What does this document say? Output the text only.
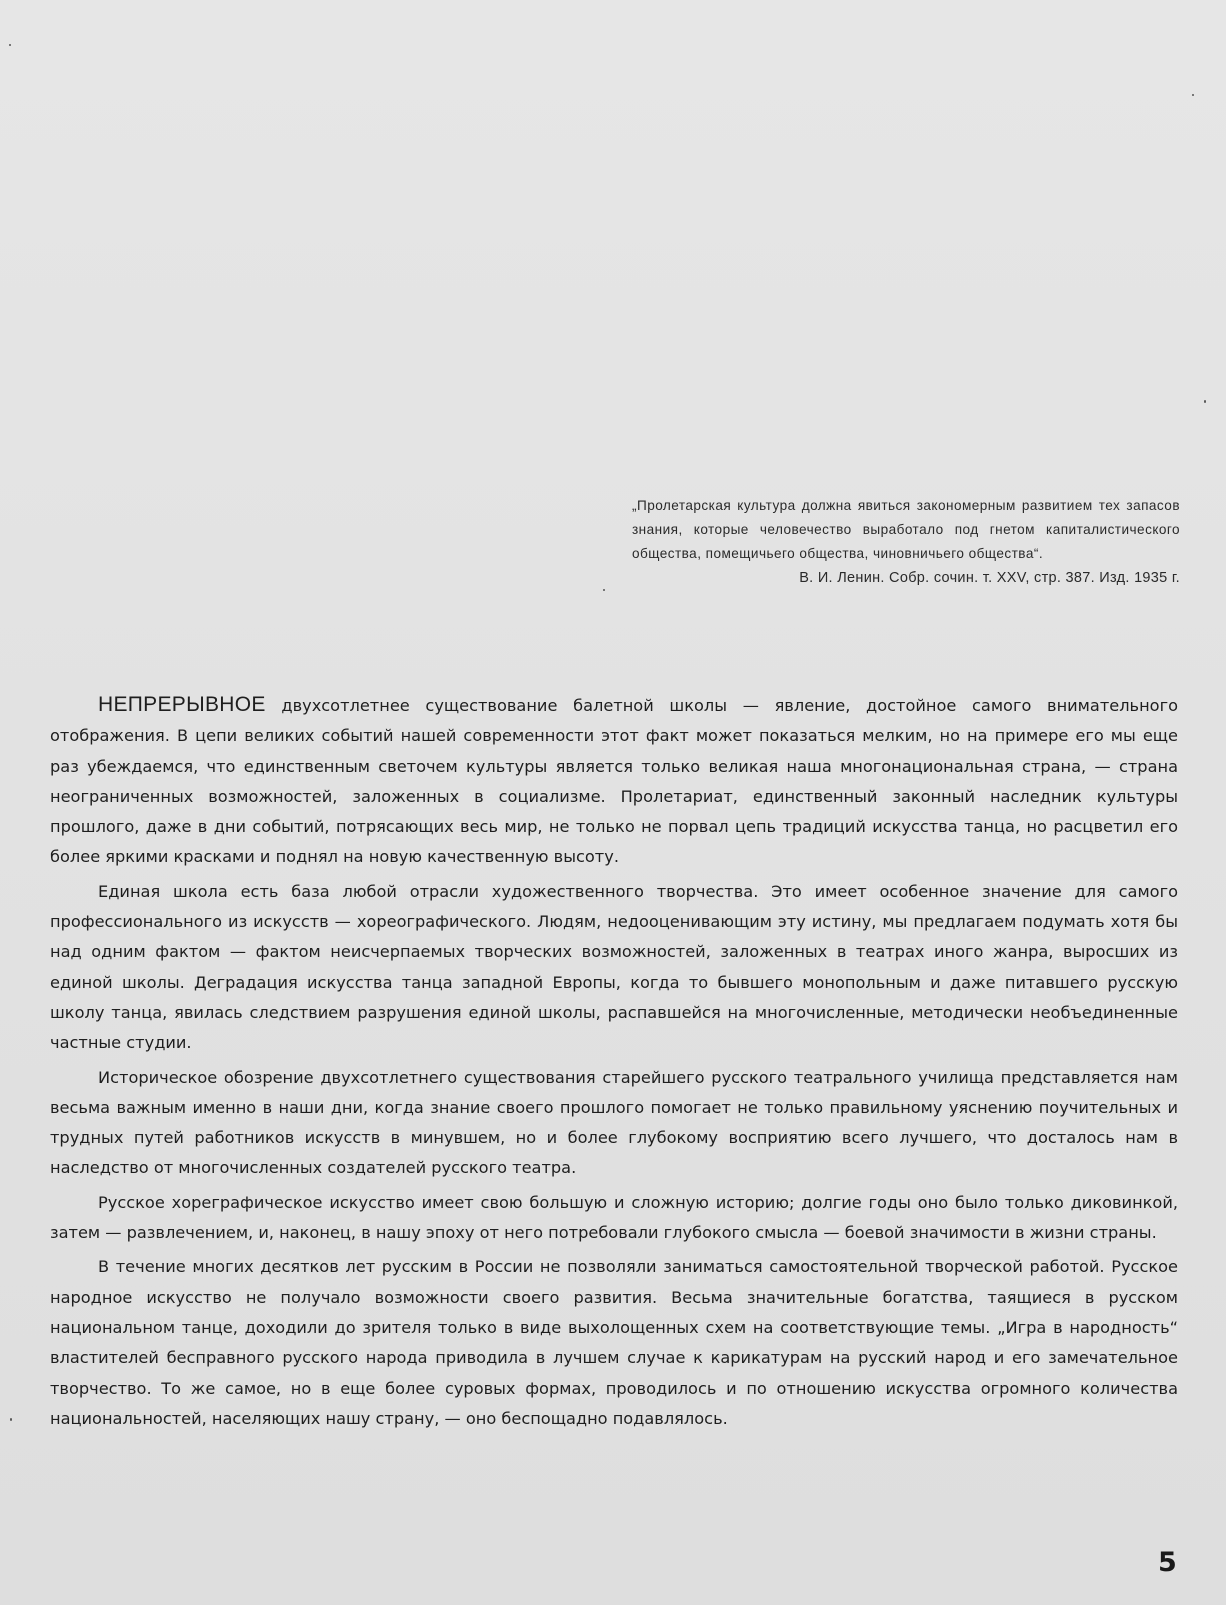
„Пролетарская культура должна явиться закономерным развитием тех запасов знания, которые человечество выработало под гнетом капиталистического общества, помещичьего общества, чиновничьего общества“.
В. И. Ленин. Собр. сочин. т. XXV, стр. 387. Изд. 1935 г.

НЕПРЕРЫВНОЕ двухсотлетнее существование балетной школы — явление, достойное самого внимательного отображения. В цепи великих событий нашей современности этот факт может показаться мелким, но на примере его мы еще раз убеждаемся, что единственным светочем культуры является только великая наша многонациональная страна, — страна неограниченных возможностей, заложенных в социализме. Пролетариат, единственный законный наследник культуры прошлого, даже в дни событий, потрясающих весь мир, не только не порвал цепь традиций искусства танца, но расцветил его более яркими красками и поднял на новую качественную высоту.

Единая школа есть база любой отрасли художественного творчества. Это имеет особенное значение для самого профессионального из искусств — хореографического. Людям, недооценивающим эту истину, мы предлагаем подумать хотя бы над одним фактом — фактом неисчерпаемых творческих возможностей, заложенных в театрах иного жанра, выросших из единой школы. Деградация искусства танца западной Европы, когда то бывшего монопольным и даже питавшего русскую школу танца, явилась следствием разрушения единой школы, распавшейся на многочисленные, методически необъединенные частные студии.

Историческое обозрение двухсотлетнего существования старейшего русского театрального училища представляется нам весьма важным именно в наши дни, когда знание своего прошлого помогает не только правильному уяснению поучительных и трудных путей работников искусств в минувшем, но и более глубокому восприятию всего лучшего, что досталось нам в наследство от многочисленных создателей русского театра.

Русское хореграфическое искусство имеет свою большую и сложную историю; долгие годы оно было только диковинкой, затем — развлечением, и, наконец, в нашу эпоху от него потребовали глубокого смысла — боевой значимости в жизни страны.

В течение многих десятков лет русским в России не позволяли заниматься самостоятельной творческой работой. Русское народное искусство не получало возможности своего развития. Весьма значительные богатства, таящиеся в русском национальном танце, доходили до зрителя только в виде выхолощенных схем на соответствующие темы. „Игра в народность“ властителей бесправного русского народа приводила в лучшем случае к карикатурам на русский народ и его замечательное творчество. То же самое, но в еще более суровых формах, проводилось и по отношению искусства огромного количества национальностей, населяющих нашу страну, — оно беспощадно подавлялось.

5
